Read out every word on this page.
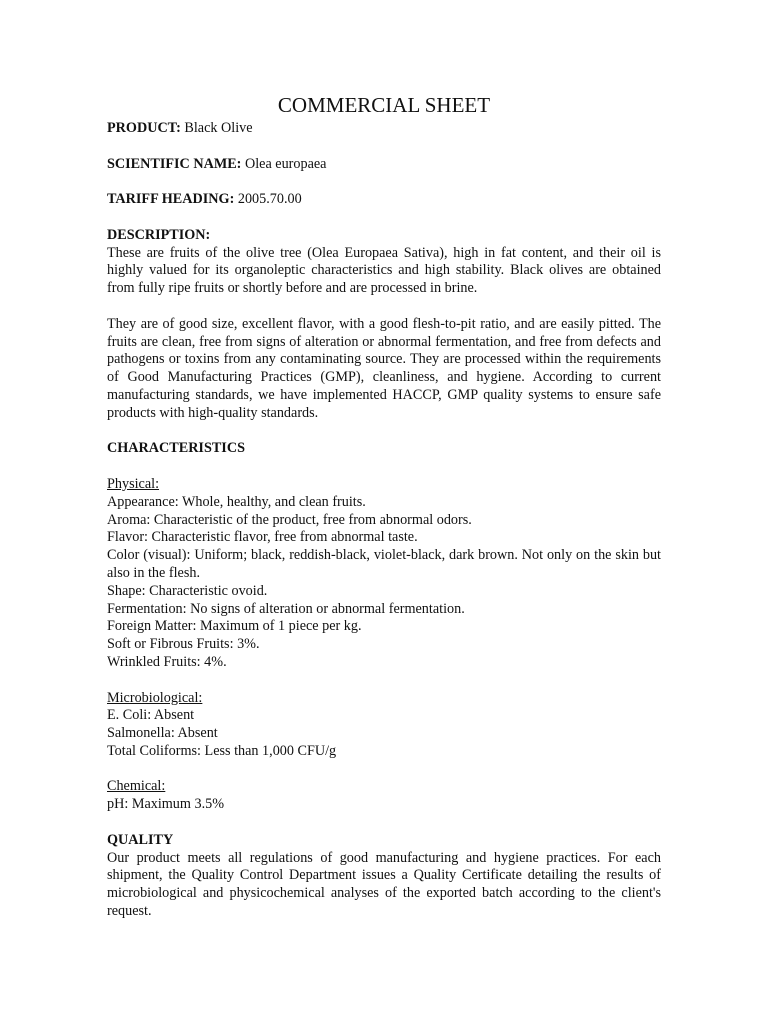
COMMERCIAL SHEET
PRODUCT: Black Olive
SCIENTIFIC NAME: Olea europaea
TARIFF HEADING: 2005.70.00
DESCRIPTION:

These are fruits of the olive tree (Olea Europaea Sativa), high in fat content, and their oil is highly valued for its organoleptic characteristics and high stability. Black olives are obtained from fully ripe fruits or shortly before and are processed in brine.

They are of good size, excellent flavor, with a good flesh-to-pit ratio, and are easily pitted. The fruits are clean, free from signs of alteration or abnormal fermentation, and free from defects and pathogens or toxins from any contaminating source. They are processed within the requirements of Good Manufacturing Practices (GMP), cleanliness, and hygiene. According to current manufacturing standards, we have implemented HACCP, GMP quality systems to ensure safe products with high-quality standards.

CHARACTERISTICS
Physical:

Appearance: Whole, healthy, and clean fruits.

Aroma: Characteristic of the product, free from abnormal odors.

Flavor: Characteristic flavor, free from abnormal taste.

Color (visual): Uniform; black, reddish-black, violet-black, dark brown. Not only on the skin but also in the flesh.

Shape: Characteristic ovoid.

Fermentation: No signs of alteration or abnormal fermentation.

Foreign Matter: Maximum of 1 piece per kg.

Soft or Fibrous Fruits: 3%.

Wrinkled Fruits: 4%.

Microbiological:

E. Coli: Absent

Salmonella: Absent

Total Coliforms: Less than 1,000 CFU/g

Chemical:

pH: Maximum 3.5%

QUALITY

Our product meets all regulations of good manufacturing and hygiene practices. For each shipment, the Quality Control Department issues a Quality Certificate detailing the results of microbiological and physicochemical analyses of the exported batch according to the client's request.
